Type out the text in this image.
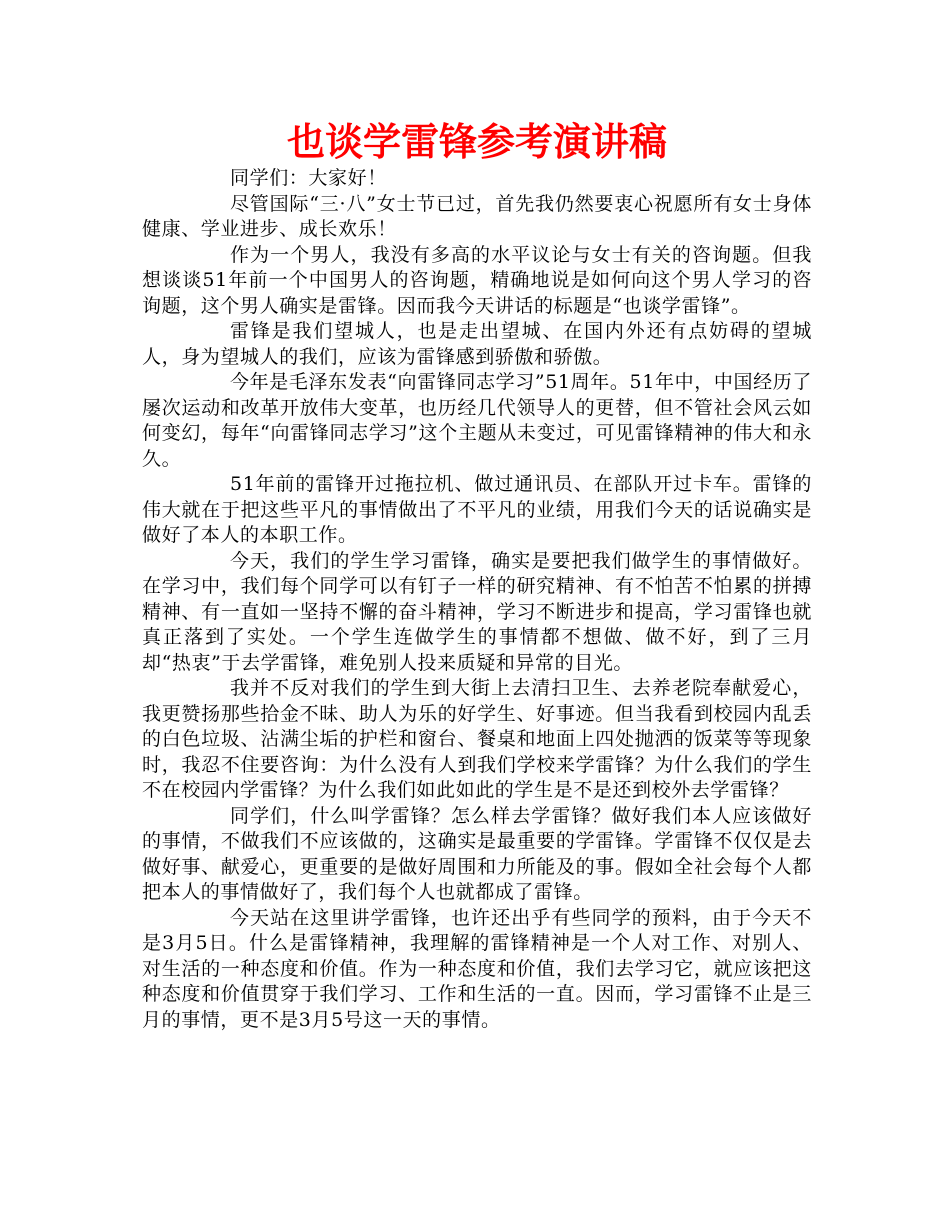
也谈学雷锋参考演讲稿

同学们：大家好！

尽管国际“三·八”女士节已过，首先我仍然要衷心祝愿所有女士身体健康、学业进步、成长欢乐！

作为一个男人，我没有多高的水平议论与女士有关的咨询题。但我想谈谈51年前一个中国男人的咨询题，精确地说是如何向这个男人学习的咨询题，这个男人确实是雷锋。因而我今天讲话的标题是“也谈学雷锋”。

雷锋是我们望城人，也是走出望城、在国内外还有点妨碍的望城人，身为望城人的我们，应该为雷锋感到骄傲和骄傲。

今年是毛泽东发表“向雷锋同志学习”51周年。51年中，中国经历了屡次运动和改革开放伟大变革，也历经几代领导人的更替，但不管社会风云如何变幻，每年“向雷锋同志学习”这个主题从未变过，可见雷锋精神的伟大和永久。

51年前的雷锋开过拖拉机、做过通讯员、在部队开过卡车。雷锋的伟大就在于把这些平凡的事情做出了不平凡的业绩，用我们今天的话说确实是做好了本人的本职工作。

今天，我们的学生学习雷锋，确实是要把我们做学生的事情做好。在学习中，我们每个同学可以有钉子一样的研究精神、有不怕苦不怕累的拼搏精神、有一直如一坚持不懈的奋斗精神，学习不断进步和提高，学习雷锋也就真正落到了实处。一个学生连做学生的事情都不想做、做不好，到了三月却“热衷”于去学雷锋，难免别人投来质疑和异常的目光。

我并不反对我们的学生到大街上去清扫卫生、去养老院奉献爱心，我更赞扬那些拾金不昧、助人为乐的好学生、好事迹。但当我看到校园内乱丢的白色垃圾、沾满尘垢的护栏和窗台、餐桌和地面上四处抛洒的饭菜等等现象时，我忍不住要咨询：为什么没有人到我们学校来学雷锋？为什么我们的学生不在校园内学雷锋？为什么我们如此如此的学生是不是还到校外去学雷锋？

同学们，什么叫学雷锋？怎么样去学雷锋？做好我们本人应该做好的事情，不做我们不应该做的，这确实是最重要的学雷锋。学雷锋不仅仅是去做好事、献爱心，更重要的是做好周围和力所能及的事。假如全社会每个人都把本人的事情做好了，我们每个人也就都成了雷锋。

今天站在这里讲学雷锋，也许还出乎有些同学的预料，由于今天不是3月5日。什么是雷锋精神，我理解的雷锋精神是一个人对工作、对别人、对生活的一种态度和价值。作为一种态度和价值，我们去学习它，就应该把这种态度和价值贯穿于我们学习、工作和生活的一直。因而，学习雷锋不止是三月的事情，更不是3月5号这一天的事情。
